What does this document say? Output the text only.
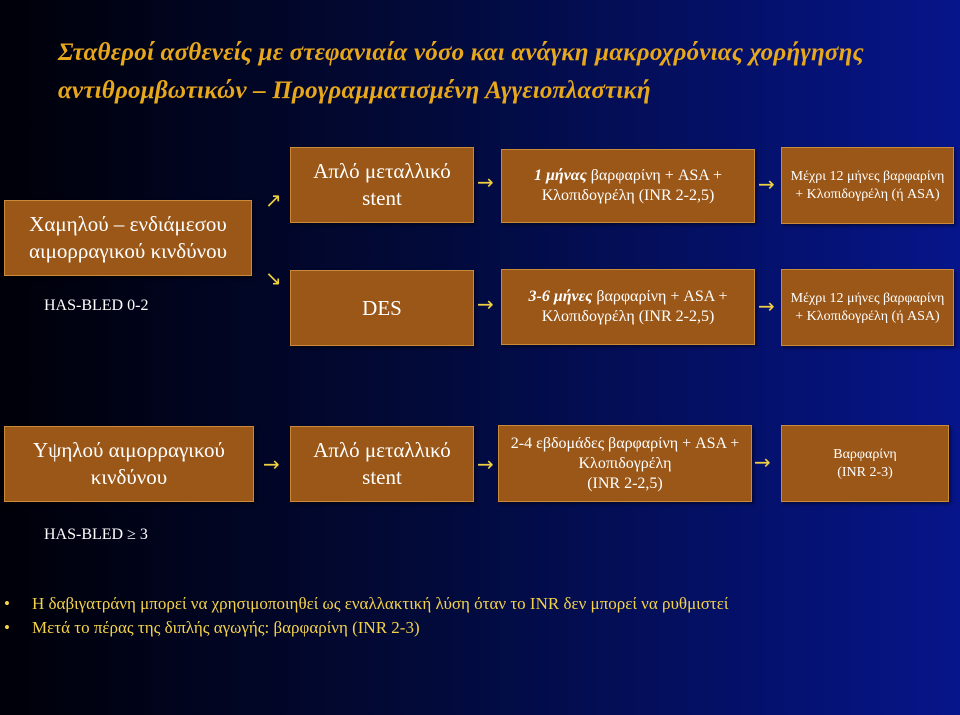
Σταθεροί ασθενείς με στεφανιαία νόσο και ανάγκη μακροχρόνιας χορήγησης αντιθρομβωτικών – Προγραμματισμένη Αγγειοπλαστική
Χαμηλού – ενδιάμεσου αιμορραγικού κινδύνου
HAS-BLED 0-2
↗
↘
Απλό μεταλλικό stent
→	1 μήνας βαρφαρίνη + ASA + Κλοπιδογρέλη (INR 2-2,5)	→ Μέχρι 12 μήνες βαρφαρίνη + Κλοπιδογρέλη (ή ASA)
DES	→	3-6 μήνες βαρφαρίνη + ASA + Κλοπιδογρέλη (INR 2-2,5)	→ Μέχρι 12 μήνες βαρφαρίνη + Κλοπιδογρέλη (ή ASA)
Υψηλού αιμορραγικού κινδύνου
HAS-BLED ≥ 3
→
Απλό μεταλλικό stent
→
2-4 εβδομάδες βαρφαρίνη + ASA + Κλοπιδογρέλη
(INR 2-2,5)
→	Βαρφαρίνη
(INR 2-3)
• Η δαβιγατράνη μπορεί να χρησιμοποιηθεί ως εναλλακτική λύση όταν το INR δεν μπορεί να ρυθμιστεί
• Μετά το πέρας της διπλής αγωγής: βαρφαρίνη (INR 2-3)
